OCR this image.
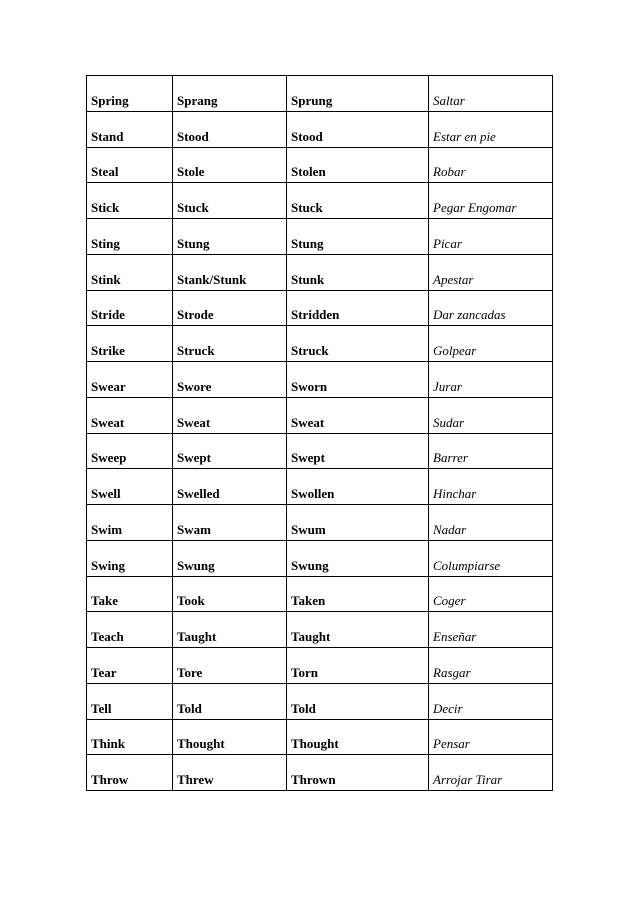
Spring	Sprang	Sprung	Saltar

Stand	Stood	Stood	Estar en pie

Steal	Stole	Stolen	Robar

Stick	Stuck	Stuck	Pegar Engomar

Sting	Stung	Stung	Picar

Stink	Stank/Stunk	Stunk	Apestar

Stride	Strode	Stridden	Dar zancadas

Strike	Struck	Struck	Golpear

Swear	Swore	Sworn	Jurar

Sweat	Sweat	Sweat	Sudar

Sweep	Swept	Swept	Barrer

Swell	Swelled	Swollen	Hinchar

Swim	Swam	Swum	Nadar

Swing	Swung	Swung	Columpiarse

Take	Took	Taken	Coger

Teach	Taught	Taught	Enseñar

Tear	Tore	Torn	Rasgar

Tell	Told	Told	Decir

Think	Thought	Thought	Pensar

Throw	Threw	Thrown	Arrojar Tirar
